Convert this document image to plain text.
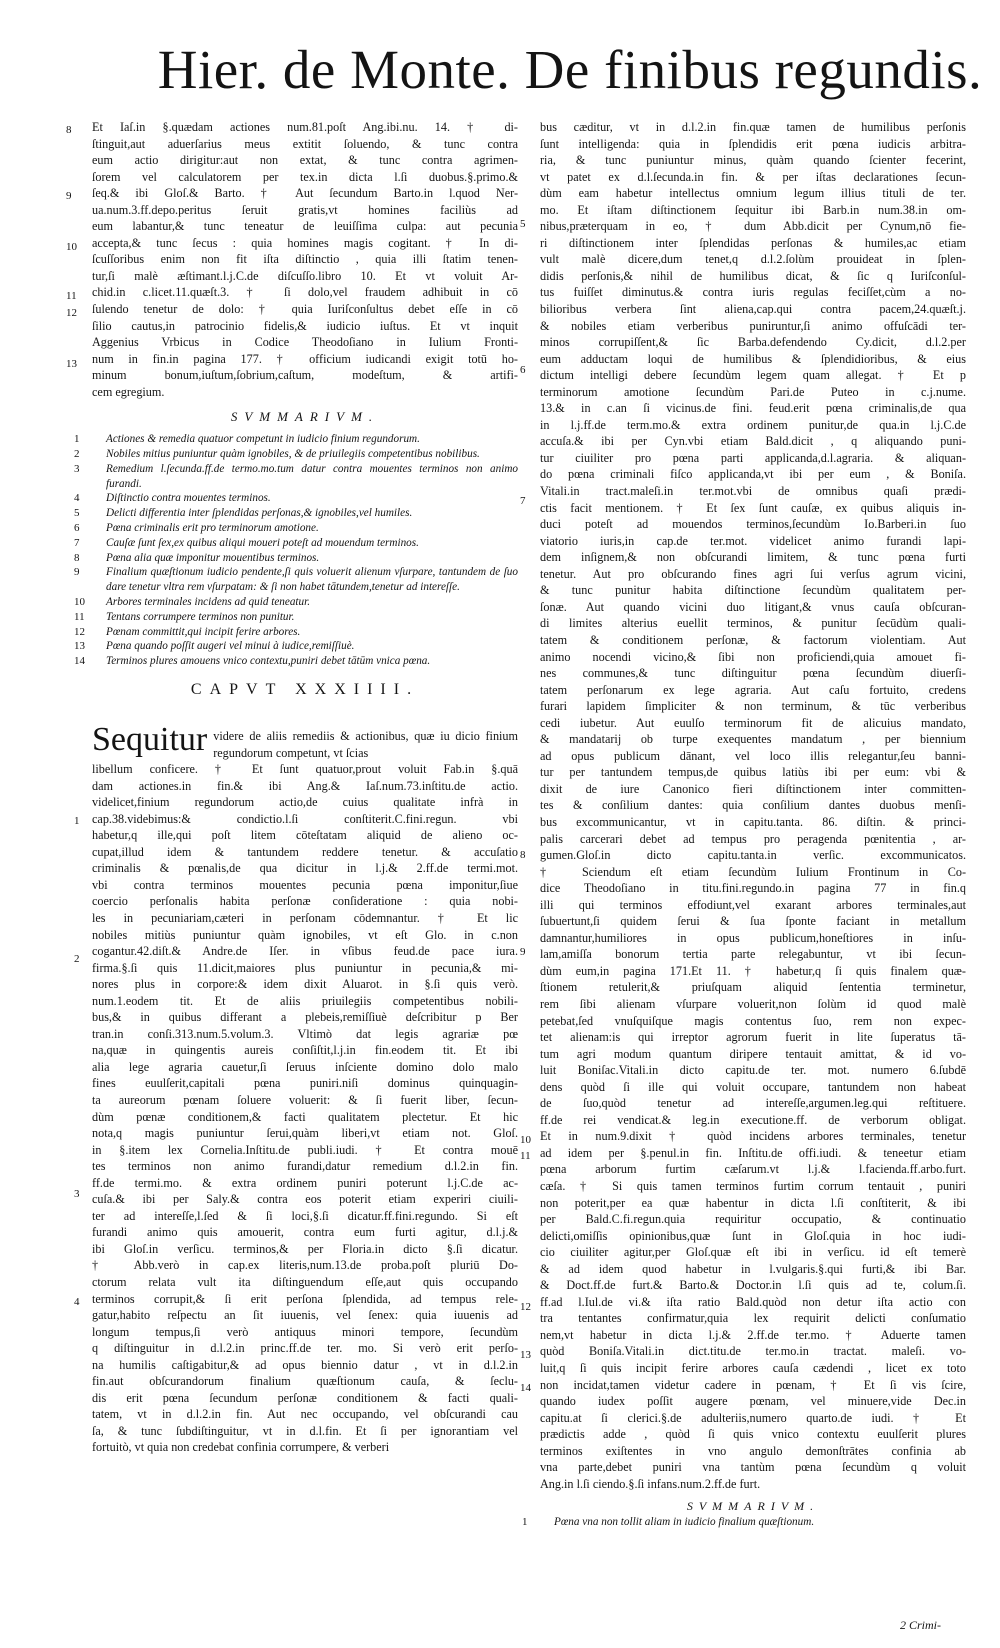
Hier. de Monte. De finibus regundis.
Et Iaſ.in §.quædam actiones num.81.poſt Ang.ibi.nu. 14. † di-
ſtinguit,aut aduerſarius meus extitit ſoluendo, & tunc contra
eum actio dirigitur:aut non extat, & tunc contra agrimen-
ſorem vel calculatorem per tex.in dicta l.ſi duobus.§.primo.&
ſeq.& ibi Gloſ.& Barto. † Aut ſecundum Barto.in l.quod Ner-
ua.num.3.ff.depo.peritus ſeruit gratis,vt homines faciliùs ad
eum labantur,& tunc teneatur de leuiſſima culpa: aut pecunia
accepta,& tunc ſecus : quia homines magis cogitant. † In di-
ſcuſſoribus enim non fit iſta diſtinctio , quia illi ſtatim tenen-
tur,ſi malè æſtimant.l.j.C.de diſcuſſo.libro 10. Et vt voluit Ar-
chid.in c.licet.11.quæſt.3. † ſi dolo,vel fraudem adhibuit in cō
ſulendo tenetur de dolo: † quia Iuriſconſultus debet eſſe in cō
ſilio cautus,in patrocinio fidelis,& iudicio iuſtus. Et vt inquit
Aggenius Vrbicus in Codice Theodoſiano in Iulium Fronti-
num in fin.in pagina 177. † officium iudicandi exigit totū ho-
minum bonum,iuſtum,ſobrium,caſtum, modeſtum, & artifi-
cem egregium.
SVMMARIVM.
1 Actiones & remedia quatuor competunt in iudicio finium regundorum.
2 Nobiles mitius puniuntur quàm ignobiles, & de priuilegiis competentibus nobilibus.
3 Remedium l.ſecunda.ff.de termo.mo.tum datur contra mouentes terminos non animo furandi.
4 Diſtinctio contra mouentes terminos.
5 Delicti differentia inter ſplendidas perſonas,& ignobiles,vel humiles.
6 Pœna criminalis erit pro terminorum amotione.
7 Cauſæ ſunt ſex,ex quibus aliqui moueri poteſt ad mouendum terminos.
8 Pœna alia quæ imponitur mouentibus terminos.
9 Finalium quæſtionum iudicio pendente,ſi quis voluerit alienum vſurpare, tantundem de ſuo dare tenetur vltra rem vſurpatam: & ſi non habet tātundem,tenetur ad intereſſe.
10 Arbores terminales incidens ad quid teneatur.
11 Tentans corrumpere terminos non punitur.
12 Pœnam committit,qui incipit ferire arbores.
13 Pœna quando poſſit augeri vel minui à iudice,remiſſiuè.
14 Terminos plures amouens vnico contextu,puniri debet tātūm vnica pœna.
CAPVT XXXIIII.
Sequitur videre de aliis remediis & actionibus, quæ iu dicio finium regundorum competunt, vt ſcias
libellum conficere. † Et ſunt quatuor,prout voluit Fab.in §.quā
dam actiones.in fin.& ibi Ang.& Iaſ.num.73.inſtitu.de actio.
videlicet,finium regundorum actio,de cuius qualitate infrà in
cap.38.videbimus:& condictio.l.ſi conſtiterit.C.fini.regun. vbi
habetur,q ille,qui poſt litem cōteſtatam aliquid de alieno oc-
cupat,illud idem & tantundem reddere tenetur. & accuſatio
criminalis & pœnalis,de qua dicitur in l.j.& 2.ff.de termi.mot.
vbi contra terminos mouentes pecunia pœna imponitur,ſiue
coercio perſonalis habita perſonæ conſideratione : quia nobi-
les in pecuniariam,cæteri in perſonam cōdemnantur. † Et lic
nobiles mitiùs puniuntur quàm ignobiles, vt eſt Glo. in c.non
cogantur.42.diſt.& Andre.de Iſer. in vſibus feud.de pace iura.
firma.§.ſi quis 11.dicit,maiores plus puniuntur in pecunia,& mi-
nores plus in corpore:& idem dixit Aluarot. in §.ſi quis verò.
num.1.eodem tit. Et de aliis priuilegiis competentibus nobili-
bus,& in quibus differant a plebeis,remiſſiuè deſcribitur p Ber
tran.in conſi.313.num.5.volum.3. Vltimò dat legis agrariæ pœ
na,quæ in quingentis aureis conſiſtit,l.j.in fin.eodem tit. Et ibi
alia lege agraria cauetur,ſi ſeruus inſciente domino dolo malo
fines euulſerit,capitali pœna puniri.niſi dominus quinquagin-
ta aureorum pœnam ſoluere voluerit: & ſi fuerit liber, ſecun-
dùm pœnæ conditionem,& facti qualitatem plectetur. Et hic
nota,q magis puniuntur ſerui,quàm liberi,vt etiam not. Gloſ.
in §.item lex Cornelia.Inſtitu.de publi.iudi. † Et contra mouē
tes terminos non animo furandi,datur remedium d.l.2.in fin.
ff.de termi.mo. & extra ordinem puniri poterunt l.j.C.de ac-
cuſa.& ibi per Saly.& contra eos poterit etiam experiri ciuili-
ter ad intereſſe,l.ſed & ſi loci,§.ſi dicatur.ff.fini.regundo. Si eſt
furandi animo quis amouerit, contra eum furti agitur, d.l.j.&
ibi Gloſ.in verſicu. terminos,& per Floria.in dicto §.ſi dicatur.
† Abb.verò in cap.ex literis,num.13.de proba.poſt pluriū Do-
ctorum relata vult ita diſtinguendum eſſe,aut quis occupando
terminos corrupit,& ſi erit perſona ſplendida, ad tempus rele-
gatur,habito reſpectu an ſit iuuenis, vel ſenex: quia iuuenis ad
longum tempus,ſi verò antiquus minori tempore, ſecundùm
q diſtinguitur in d.l.2.in princ.ff.de ter. mo. Si verò erit perſo-
na humilis caſtigabitur,& ad opus biennio datur , vt in d.l.2.in
fin.aut obſcurandorum finalium quæſtionum cauſa, & ſeclu-
dis erit pœna ſecundum perſonæ conditionem & facti quali-
tatem, vt in d.l.2.in fin. Aut nec occupando, vel obſcurandi cau
ſa, & tunc ſubdiſtinguitur, vt in d.l.fin. Et ſi per ignorantiam vel
fortuitò, vt quia non credebat confinia corrumpere, & verberi
8
9
10
11
12
13
1
2
3
4
bus cæditur, vt in d.l.2.in fin.quæ tamen de humilibus perſonis
ſunt intelligenda: quia in ſplendidis erit pœna iudicis arbitra-
ria, & tunc puniuntur minus, quàm quando ſcienter fecerint,
vt patet ex d.l.ſecunda.in fin. & per iſtas declarationes ſecun-
dùm eam habetur intellectus omnium legum illius tituli de ter.
mo. Et iſtam diſtinctionem ſequitur ibi Barb.in num.38.in om-
nibus,præterquam in eo, † dum Abb.dicit per Cynum,nō fie-
ri diſtinctionem inter ſplendidas perſonas & humiles,ac etiam
vult malè dicere,dum tenet,q d.l.2.ſolùm prouideat in ſplen-
didis perſonis,& nihil de humilibus dicat, & ſic q Iuriſconſul-
tus fuiſſet diminutus.& contra iuris regulas feciſſet,cùm a no-
bilioribus verbera ſint aliena,cap.qui contra pacem,24.quæſt.j.
& nobiles etiam verberibus puniruntur,ſi animo offuſcādi ter-
minos corrupiſſent,& ſic Barba.defendendo Cy.dicit, d.l.2.per
eum adductam loqui de humilibus & ſplendidioribus, & eius
dictum intelligi debere ſecundùm legem quam allegat. † Et p
terminorum amotione ſecundùm Pari.de Puteo in c.j.nume.
13.& in c.an ſi vicinus.de fini. feud.erit pœna criminalis,de qua
in l.j.ff.de term.mo.& extra ordinem punitur,de qua.in l.j.C.de
accuſa.& ibi per Cyn.vbi etiam Bald.dicit , q aliquando puni-
tur ciuiliter pro pœna parti applicanda,d.l.agraria. & aliquan-
do pœna criminali fiſco applicanda,vt ibi per eum , & Boniſa.
Vitali.in tract.maleſi.in ter.mot.vbi de omnibus quaſi prædi-
ctis facit mentionem. † Et ſex ſunt cauſæ, ex quibus aliquis in-
duci poteſt ad mouendos terminos,ſecundùm Io.Barberi.in ſuo
viatorio iuris,in cap.de ter.mot. videlicet animo furandi lapi-
dem inſignem,& non obſcurandi limitem, & tunc pœna furti
tenetur. Aut pro obſcurando fines agri ſui verſus agrum vicini,
& tunc punitur habita diſtinctione ſecundùm qualitatem per-
ſonæ. Aut quando vicini duo litigant,& vnus cauſa obſcuran-
di limites alterius euellit terminos, & punitur ſecūdùm quali-
tatem & conditionem perſonæ, & factorum violentiam. Aut
animo nocendi vicino,& ſibi non proficiendi,quia amouet fi-
nes communes,& tunc diſtinguitur pœna ſecundùm diuerſi-
tatem perſonarum ex lege agraria. Aut caſu fortuito, credens
furari lapidem ſimpliciter & non terminum, & tūc verberibus
cedi iubetur. Aut euulſo terminorum fit de alicuius mandato,
& mandatarij ob turpe exequentes mandatum , per biennium
ad opus publicum dānant, vel loco illis relegantur,ſeu banni-
tur per tantundem tempus,de quibus latiùs ibi per eum: vbi &
dixit de iure Canonico fieri diſtinctionem inter committen-
tes & conſilium dantes: quia conſilium dantes duobus menſi-
bus excommunicantur, vt in capitu.tanta. 86. diſtin. & princi-
palis carcerari debet ad tempus pro peragenda pœnitentia , ar-
gumen.Gloſ.in dicto capitu.tanta.in verſic. excommunicatos.
† Sciendum eſt etiam ſecundùm Iulium Frontinum in Co-
dice Theodoſiano in titu.fini.regundo.in pagina 77 in fin.q
illi qui terminos effodiunt,vel exarant arbores terminales,aut
ſubuertunt,ſi quidem ſerui & ſua ſponte faciant in metallum
damnantur,humiliores in opus publicum,honeſtiores in inſu-
lam,amiſſa bonorum tertia parte relegabuntur, vt ibi ſecun-
dùm eum,in pagina 171.Et 11. † habetur,q ſi quis finalem quæ-
ſtionem retulerit,& priuſquam aliquid ſententia terminetur,
rem ſibi alienam vſurpare voluerit,non ſolùm id quod malè
petebat,ſed vnuſquiſque magis contentus ſuo, rem non expec-
tet alienam:is qui irreptor agrorum fuerit in lite ſuperatus tā-
tum agri modum quantum diripere tentauit amittat, & id vo-
luit Boniſac.Vitali.in dicto capitu.de ter. mot. numero 6.ſubdē
dens quòd ſi ille qui voluit occupare, tantundem non habeat
de ſuo,quòd tenetur ad intereſſe,argumen.leg.qui reſtituere.
ff.de rei vendicat.& leg.in executione.ff. de verborum obligat.
Et in num.9.dixit † quòd incidens arbores terminales, tenetur
ad idem per §.penul.in fin. Inſtitu.de offi.iudi. & teneetur etiam
pœna arborum furtim cæſarum.vt l.j.& l.facienda.ff.arbo.furt.
cæſa. † Si quis tamen terminos furtim corrum tentauit , puniri
non poterit,per ea quæ habentur in dicta l.ſi conſtiterit, & ibi
per Bald.C.fi.regun.quia requiritur occupatio, & continuatio
delicti,omiſſis opinionibus,quæ ſunt in Gloſ.quia in hoc iudi-
cio ciuiliter agitur,per Gloſ.quæ eſt ibi in verſicu. id eſt temerè
& ad idem quod habetur in l.vulgaris.§.qui furti,& ibi Bar.
& Doct.ff.de furt.& Barto.& Doctor.in l.ſi quis ad te, colum.ſi.
ff.ad l.Iul.de vi.& iſta ratio Bald.quòd non detur iſta actio con
tra tentantes confirmatur,quia lex requirit delicti conſumatio
nem,vt habetur in dicta l.j.& 2.ff.de ter.mo. † Aduerte tamen
quòd Boniſa.Vitali.in dict.titu.de ter.mo.in tractat. maleſi. vo-
luit,q ſi quis incipit ferire arbores cauſa cædendi , licet ex toto
non incidat,tamen videtur cadere in pœnam, † Et ſi vis ſcire,
quando iudex poſſit augere pœnam, vel minuere,vide Dec.in
capitu.at ſi clerici.§.de adulteriis,numero quarto.de iudi. † Et
prædictis adde , quòd ſi quis vnico contextu euulſerit plures
terminos exiſtentes in vno angulo demonſtrātes confinia ab
vna parte,debet puniri vna tantùm pœna ſecundùm q voluit
Ang.in l.ſi ciendo.§.ſi infans.num.2.ff.de furt.
SVMMARIVM.
1 Pœna vna non tollit aliam in iudicio finalium quæſtionum.
5
6
7
8
9
10
11
12
13
14
2 Crimi-
